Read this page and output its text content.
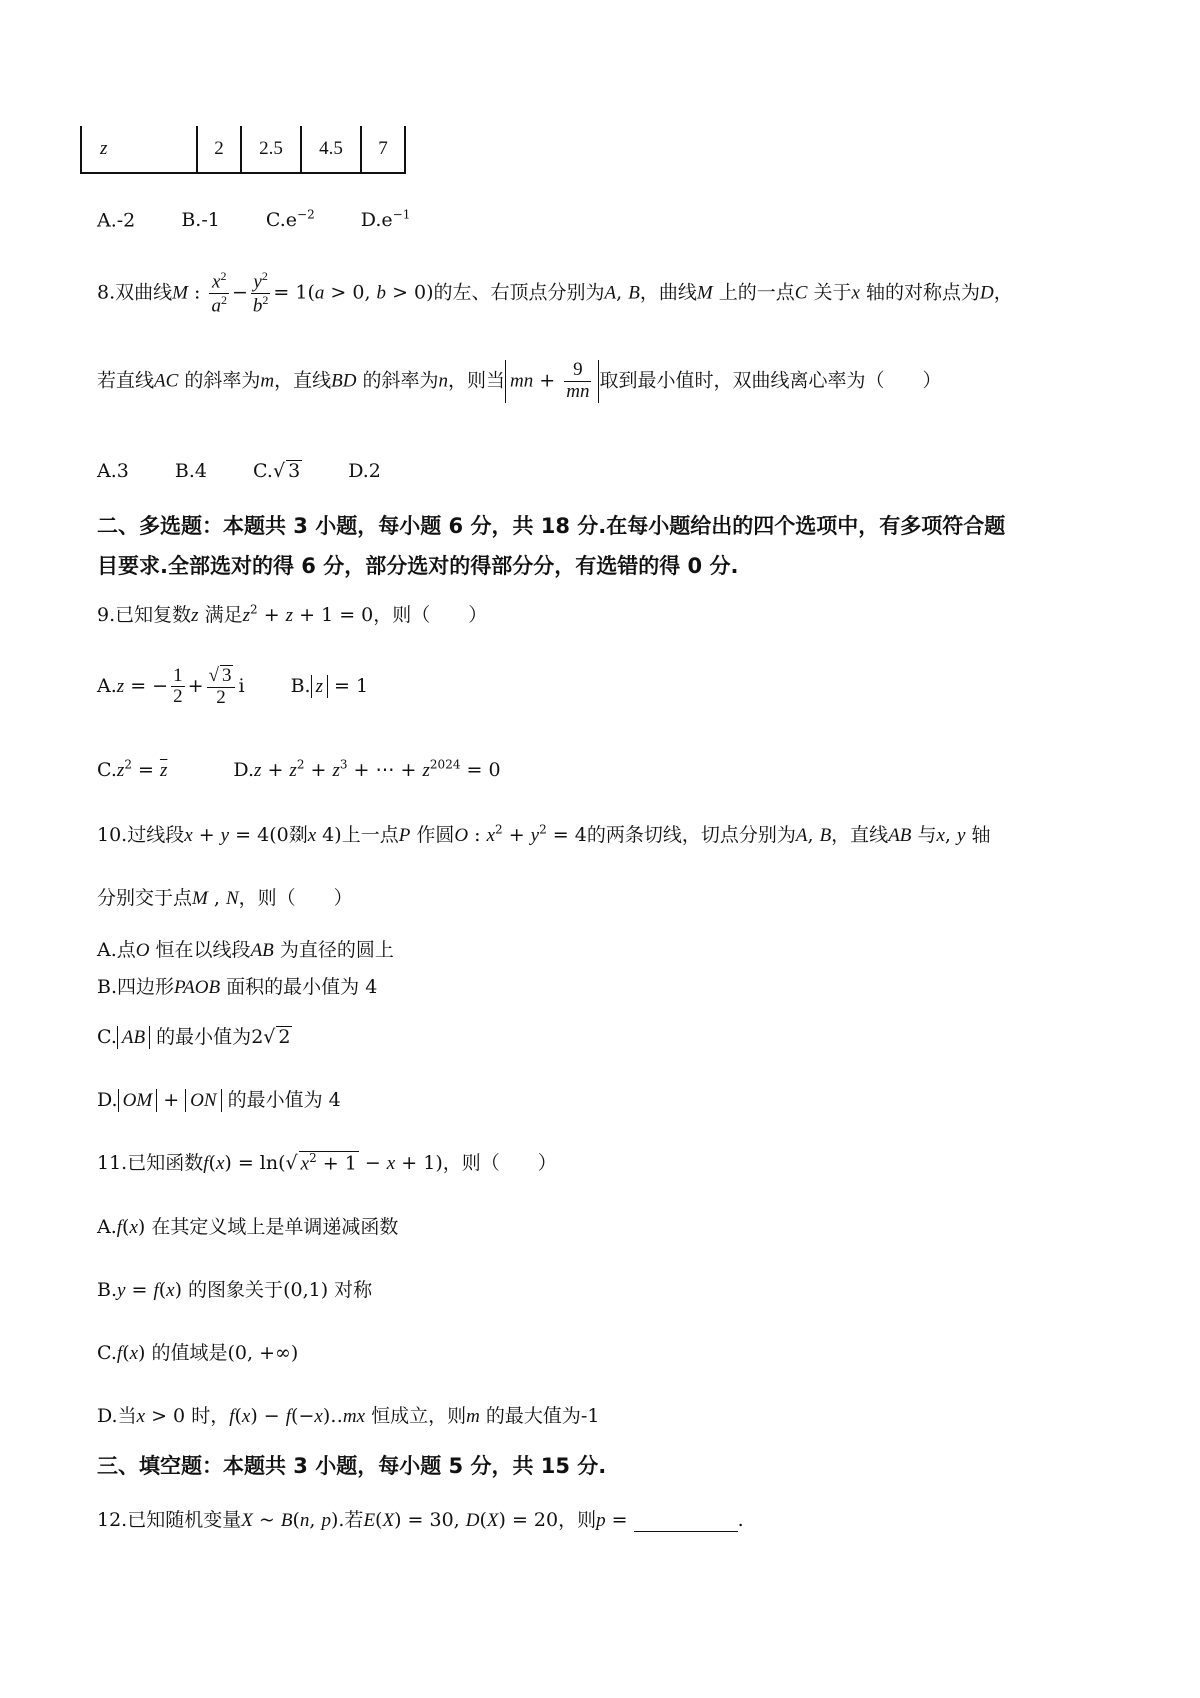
z	2	2.5	4.5	7
A.-2 B.-1 $C.e^{-2}$ $D.e^{-1}$
8.双曲线M : $\frac{x^2}{a^2} - \frac{y^2}{b^2} = 1(a > 0$, b > 0)的左、右顶点分别为A, B，曲线M 上的一点C 关于x 轴的对称点为D，
若直线AC 的斜率为m，直线BD 的斜率为n，则当 mn + $\frac{9}{mn}$ 取到最小值时，双曲线离心率为（　　）
A.3 B.4 C.√ 3	D.2
二、多选题：本题共 3 小题，每小题 6 分，共 18 分.在每小题给出的四个选项中，有多项符合题
目要求.全部选对的得 6 分，部分选对的得部分分，有选错的得 0 分.
9.已知复数z 满足$z^2 + z + 1 = 0$，则（　　）
A.z = − $\frac{1}{2} + \frac{√ 3}{2}$ i B. z = 1
$C.z^2 = \overline{z}$	$D.z + z^2 + z^3$ + ⋯ + $z^{2024} = 0$
10.过线段x + y = 4(0剟x 4)上一点P 作圆O : $x^2 + y^2 = 4$的两条切线，切点分别为A, B，直线AB 与x, y 轴
分别交于点M , N，则（　　）
A.点O 恒在以线段AB 为直径的圆上
B.四边形PAOB 面积的最小值为 4
C. AB 的最小值为2√ 2
D. OM + ON 的最小值为 4
11.已知函数f(x) = ln(√ $x^2 + 1 - x + 1$)，则（　　）
A.f(x) 在其定义域上是单调递减函数
B.y = f(x) 的图象关于(0,1) 对称
C.f(x) 的值域是(0, +∞)
D.当x > 0 时，f(x) − f(−x)‥mx 恒成立，则m 的最大值为-1
三、填空题：本题共 3 小题，每小题 5 分，共 15 分.
12.已知随机变量X ~ B(n, p).若E(X) = 30, D(X) = 20，则p =	.
